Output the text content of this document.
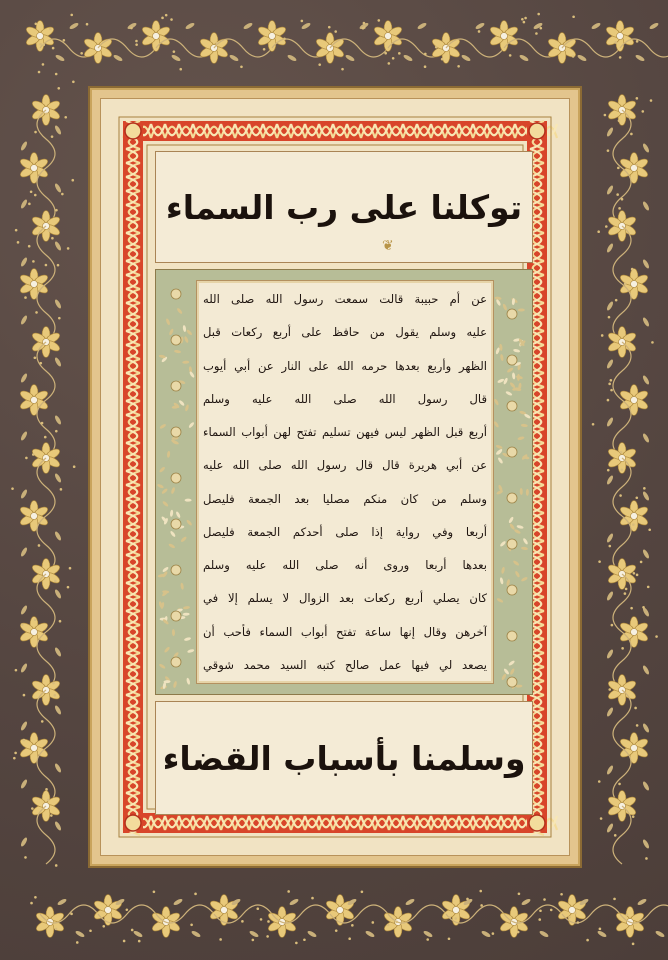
توكلنا على رب السماء
❦
عن أم حبيبة قالت سمعت رسول الله صلى الله
عليه وسلم يقول من حافظ على أربع ركعات قبل
الظهر وأربع بعدها حرمه الله على النار عن أبي أيوب
قال رسول الله صلى الله عليه وسلم
أربع قبل الظهر ليس فيهن تسليم تفتح لهن أبواب السماء
عن أبي هريرة قال قال رسول الله صلى الله عليه
وسلم من كان منكم مصليا بعد الجمعة فليصل
أربعا وفي رواية إذا صلى أحدكم الجمعة فليصل
بعدها أربعا وروى أنه صلى الله عليه وسلم
كان يصلي أربع ركعات بعد الزوال لا يسلم إلا في
آخرهن وقال إنها ساعة تفتح أبواب السماء فأحب أن
يصعد لي فيها عمل صالح كتبه السيد محمد شوقي
وسلمنا بأسباب القضاء
